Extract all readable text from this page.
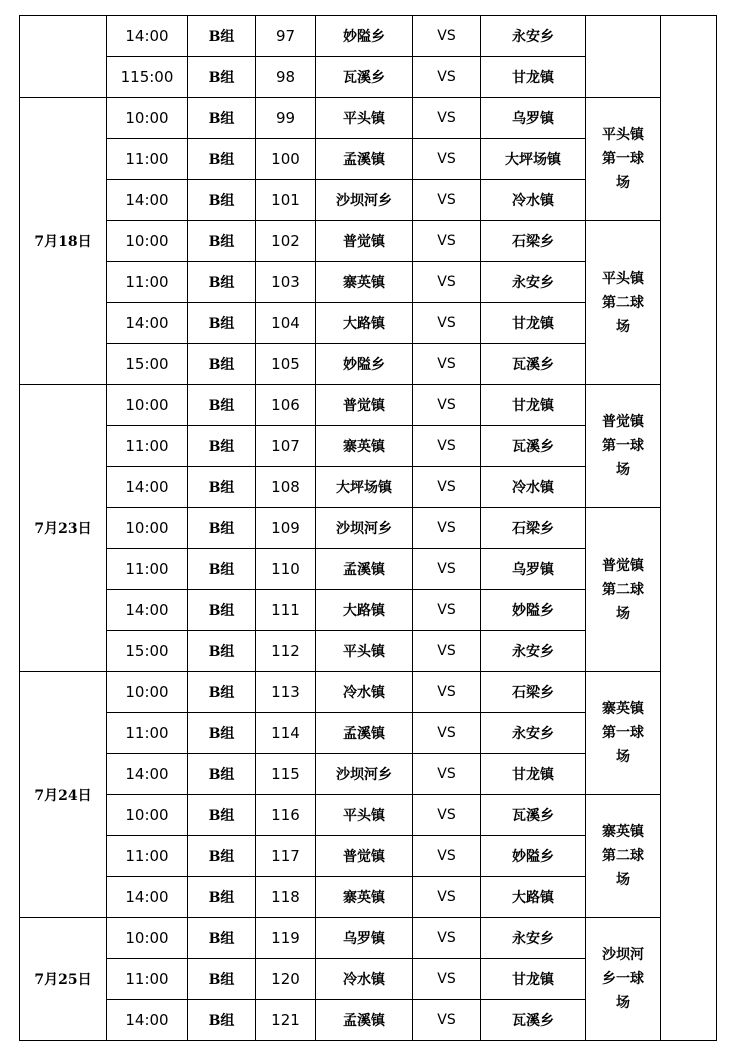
	14:00	B组	97	妙隘乡	VS	永安乡		
	115:00	B组	98	瓦溪乡	VS	甘龙镇		
7月18日	10:00	B组	99	平头镇	VS	乌罗镇	平头镇第一球场	
	11:00	B组	100	孟溪镇	VS	大坪场镇		
	14:00	B组	101	沙坝河乡	VS	冷水镇		
	10:00	B组	102	普觉镇	VS	石梁乡	平头镇第二球场	
	11:00	B组	103	寨英镇	VS	永安乡		
	14:00	B组	104	大路镇	VS	甘龙镇		
	15:00	B组	105	妙隘乡	VS	瓦溪乡		
7月23日	10:00	B组	106	普觉镇	VS	甘龙镇	普觉镇第一球场	
	11:00	B组	107	寨英镇	VS	瓦溪乡		
	14:00	B组	108	大坪场镇	VS	冷水镇		
	10:00	B组	109	沙坝河乡	VS	石梁乡	普觉镇第二球场	
	11:00	B组	110	孟溪镇	VS	乌罗镇		
	14:00	B组	111	大路镇	VS	妙隘乡		
	15:00	B组	112	平头镇	VS	永安乡		
7月24日	10:00	B组	113	冷水镇	VS	石梁乡	寨英镇第一球场	
	11:00	B组	114	孟溪镇	VS	永安乡		
	14:00	B组	115	沙坝河乡	VS	甘龙镇		
	10:00	B组	116	平头镇	VS	瓦溪乡	寨英镇第二球场	
	11:00	B组	117	普觉镇	VS	妙隘乡		
	14:00	B组	118	寨英镇	VS	大路镇		
7月25日	10:00	B组	119	乌罗镇	VS	永安乡	沙坝河乡一球场	
	11:00	B组	120	冷水镇	VS	甘龙镇		
	14:00	B组	121	孟溪镇	VS	瓦溪乡		
